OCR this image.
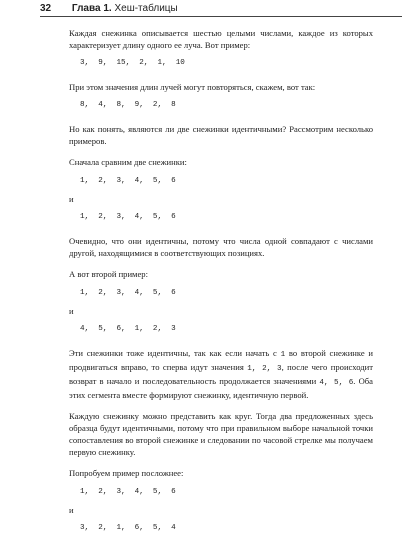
32 Глава 1. Хеш-таблицы

Каждая снежинка описывается шестью целыми числами, каждое из которых характеризует длину одного ее луча. Вот пример:

3,  9,  15,  2,  1,  10

При этом значения длин лучей могут повторяться, скажем, вот так:

8,  4,  8,  9,  2,  8

Но как понять, являются ли две снежинки идентичными? Рассмотрим несколько примеров.

Сначала сравним две снежинки:

1,  2,  3,  4,  5,  6

и

1,  2,  3,  4,  5,  6

Очевидно, что они идентичны, потому что числа одной совпадают с числами другой, находящимися в соответствующих позициях.

А вот второй пример:

1,  2,  3,  4,  5,  6

и

4,  5,  6,  1,  2,  3

Эти снежинки тоже идентичны, так как если начать с 1 во второй снежинке и продвигаться вправо, то сперва идут значения 1, 2, 3, после чего происходит возврат в начало и последовательность продолжается значениями 4, 5, 6. Оба этих сегмента вместе формируют снежинку, идентичную первой.

Каждую снежинку можно представить как круг. Тогда два предложенных здесь образца будут идентичными, потому что при правильном выборе начальной точки сопоставления во второй снежинке и следовании по часовой стрелке мы получаем первую снежинку.

Попробуем пример посложнее:

1,  2,  3,  4,  5,  6

и

3,  2,  1,  6,  5,  4
